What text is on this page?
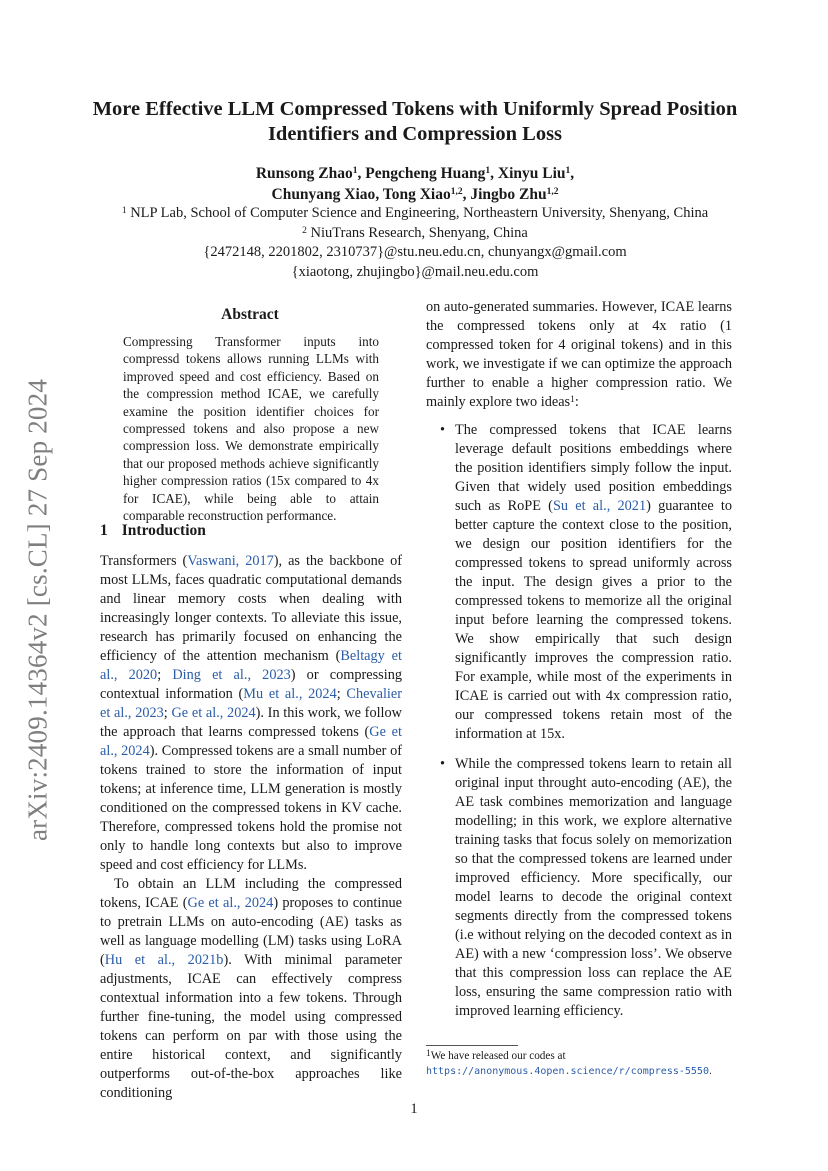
arXiv:2409.14364v2 [cs.CL] 27 Sep 2024
More Effective LLM Compressed Tokens with Uniformly Spread Position
Identifiers and Compression Loss
Runsong Zhao$^1$, Pengcheng Huang$^1$, Xinyu Liu$^1$,
Chunyang Xiao, Tong Xiao$^{1,2}$, Jingbo Zhu$^{1,2}$
$^1$ NLP Lab, School of Computer Science and Engineering, Northeastern University, Shenyang, China
$^2$ NiuTrans Research, Shenyang, China
{2472148, 2201802, 2310737}@stu.neu.edu.cn, chunyangx@gmail.com
{xiaotong, zhujingbo}@mail.neu.edu.com
Abstract
Compressing Transformer inputs into compressd tokens allows running LLMs with improved speed and cost efficiency. Based on the compression method ICAE, we carefully examine the position identifier choices for compressed tokens and also propose a new compression loss. We demonstrate empirically that our proposed methods achieve significantly higher compression ratios (15x compared to 4x for ICAE), while being able to attain comparable reconstruction performance.
1 Introduction

Transformers (Vaswani, 2017), as the backbone of most LLMs, faces quadratic computational demands and linear memory costs when dealing with increasingly longer contexts. To alleviate this issue, research has primarily focused on enhancing the efficiency of the attention mechanism (Beltagy et al., 2020; Ding et al., 2023) or compressing contextual information (Mu et al., 2024; Chevalier et al., 2023; Ge et al., 2024). In this work, we follow the approach that learns compressed tokens (Ge et al., 2024). Compressed tokens are a small number of tokens trained to store the information of input tokens; at inference time, LLM generation is mostly conditioned on the compressed tokens in KV cache. Therefore, compressed tokens hold the promise not only to handle long contexts but also to improve speed and cost efficiency for LLMs.

To obtain an LLM including the compressed tokens, ICAE (Ge et al., 2024) proposes to continue to pretrain LLMs on auto-encoding (AE) tasks as well as language modelling (LM) tasks using LoRA (Hu et al., 2021b). With minimal parameter adjustments, ICAE can effectively compress contextual information into a few tokens. Through further fine-tuning, the model using compressed tokens can perform on par with those using the entire historical context, and significantly outperforms out-of-the-box approaches like conditioning

on auto-generated summaries. However, ICAE learns the compressed tokens only at 4x ratio (1 compressed token for 4 original tokens) and in this work, we investigate if we can optimize the approach further to enable a higher compression ratio. We mainly explore two ideas$^1$:

• The compressed tokens that ICAE learns leverage default positions embeddings where the position identifiers simply follow the input. Given that widely used position embeddings such as RoPE (Su et al., 2021) guarantee to better capture the context close to the position, we design our position identifiers for the compressed tokens to spread uniformly across the input. The design gives a prior to the compressed tokens to memorize all the original input before learning the compressed tokens. We show empirically that such design significantly improves the compression ratio. For example, while most of the experiments in ICAE is carried out with 4x compression ratio, our compressed tokens retain most of the information at 15x.
• While the compressed tokens learn to retain all original input throught auto-encoding (AE), the AE task combines memorization and language modelling; in this work, we explore alternative training tasks that focus solely on memorization so that the compressed tokens are learned under improved efficiency. More specifically, our model learns to decode the original context segments directly from the compressed tokens (i.e without relying on the decoded context as in AE) with a new ‘compression loss’. We observe that this compression loss can replace the AE loss, ensuring the same compression ratio with improved learning efficiency.
$^1$We have released our codes at https://anonymous.4open.science/r/compress-5550.
1
